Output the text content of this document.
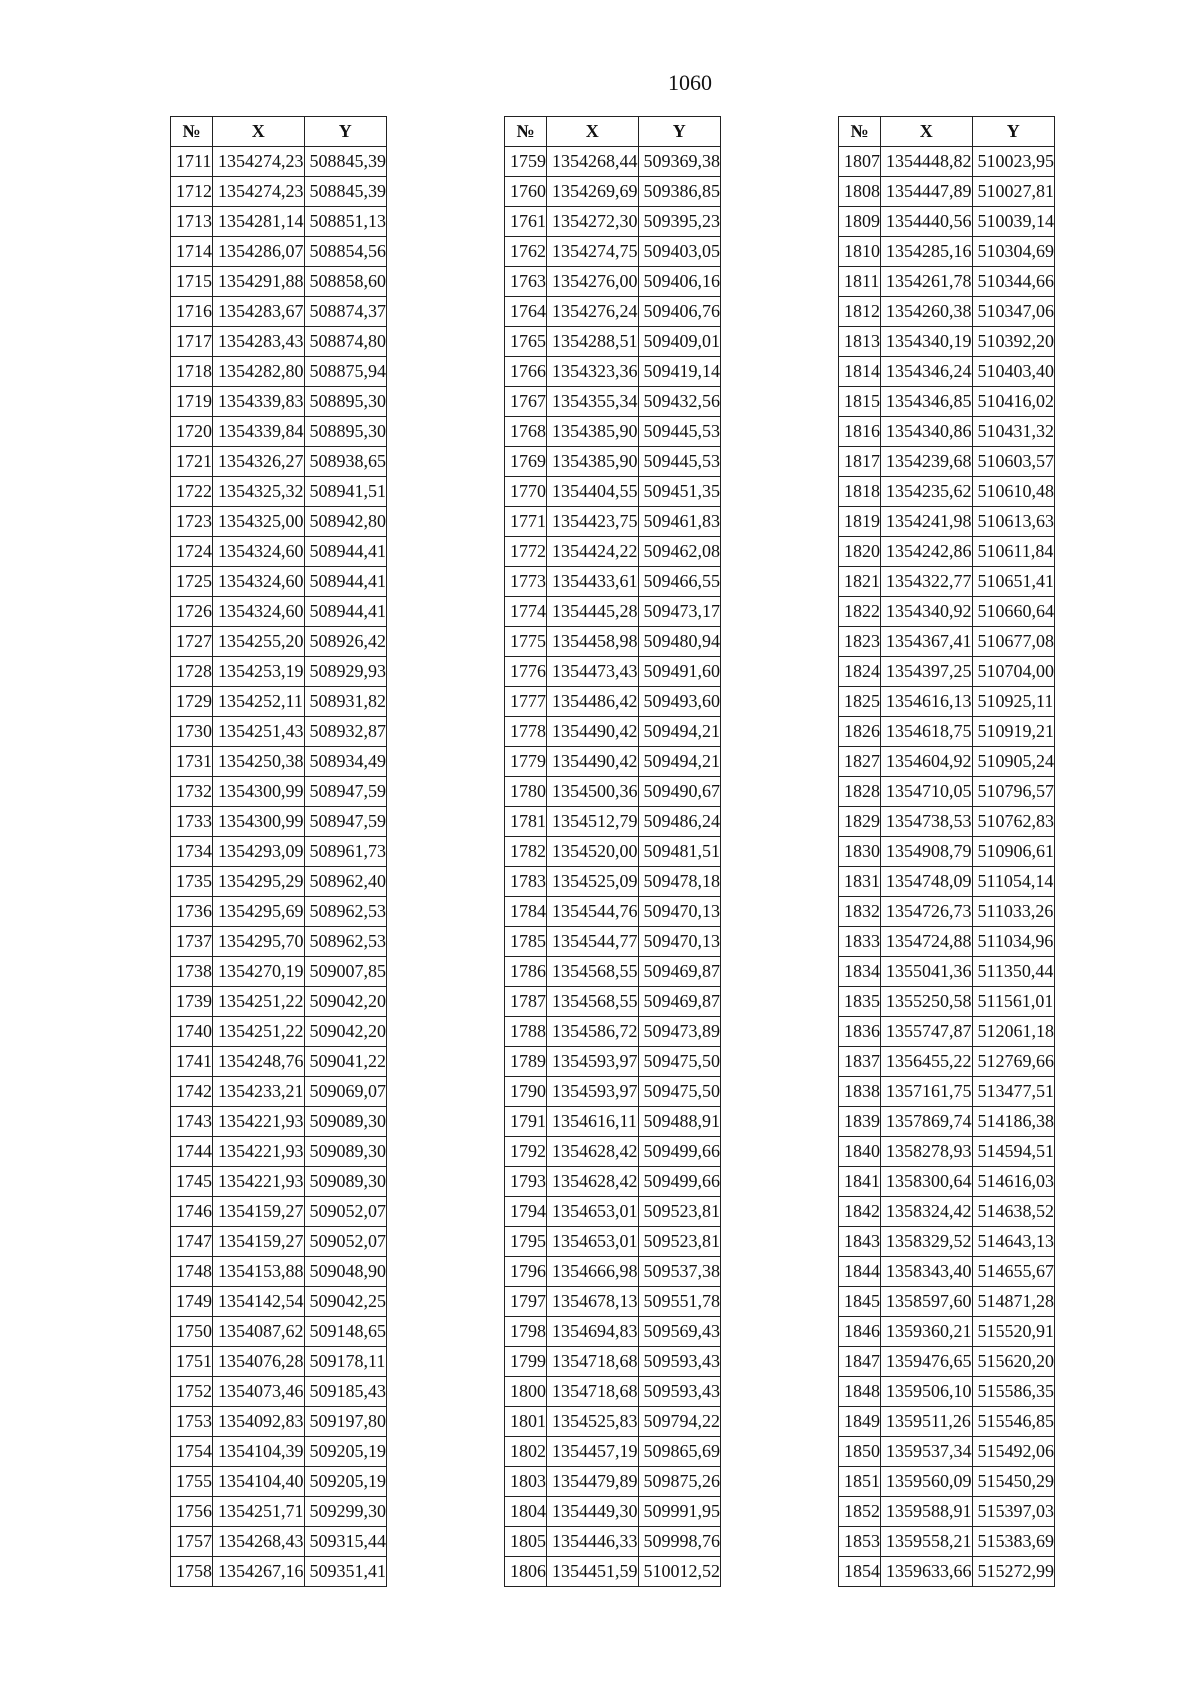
1060
№	X	Y
1711	1354274,23	508845,39
1712	1354274,23	508845,39
1713	1354281,14	508851,13
1714	1354286,07	508854,56
1715	1354291,88	508858,60
1716	1354283,67	508874,37
1717	1354283,43	508874,80
1718	1354282,80	508875,94
1719	1354339,83	508895,30
1720	1354339,84	508895,30
1721	1354326,27	508938,65
1722	1354325,32	508941,51
1723	1354325,00	508942,80
1724	1354324,60	508944,41
1725	1354324,60	508944,41
1726	1354324,60	508944,41
1727	1354255,20	508926,42
1728	1354253,19	508929,93
1729	1354252,11	508931,82
1730	1354251,43	508932,87
1731	1354250,38	508934,49
1732	1354300,99	508947,59
1733	1354300,99	508947,59
1734	1354293,09	508961,73
1735	1354295,29	508962,40
1736	1354295,69	508962,53
1737	1354295,70	508962,53
1738	1354270,19	509007,85
1739	1354251,22	509042,20
1740	1354251,22	509042,20
1741	1354248,76	509041,22
1742	1354233,21	509069,07
1743	1354221,93	509089,30
1744	1354221,93	509089,30
1745	1354221,93	509089,30
1746	1354159,27	509052,07
1747	1354159,27	509052,07
1748	1354153,88	509048,90
1749	1354142,54	509042,25
1750	1354087,62	509148,65
1751	1354076,28	509178,11
1752	1354073,46	509185,43
1753	1354092,83	509197,80
1754	1354104,39	509205,19
1755	1354104,40	509205,19
1756	1354251,71	509299,30
1757	1354268,43	509315,44
1758	1354267,16	509351,41
№	X	Y
1759	1354268,44	509369,38
1760	1354269,69	509386,85
1761	1354272,30	509395,23
1762	1354274,75	509403,05
1763	1354276,00	509406,16
1764	1354276,24	509406,76
1765	1354288,51	509409,01
1766	1354323,36	509419,14
1767	1354355,34	509432,56
1768	1354385,90	509445,53
1769	1354385,90	509445,53
1770	1354404,55	509451,35
1771	1354423,75	509461,83
1772	1354424,22	509462,08
1773	1354433,61	509466,55
1774	1354445,28	509473,17
1775	1354458,98	509480,94
1776	1354473,43	509491,60
1777	1354486,42	509493,60
1778	1354490,42	509494,21
1779	1354490,42	509494,21
1780	1354500,36	509490,67
1781	1354512,79	509486,24
1782	1354520,00	509481,51
1783	1354525,09	509478,18
1784	1354544,76	509470,13
1785	1354544,77	509470,13
1786	1354568,55	509469,87
1787	1354568,55	509469,87
1788	1354586,72	509473,89
1789	1354593,97	509475,50
1790	1354593,97	509475,50
1791	1354616,11	509488,91
1792	1354628,42	509499,66
1793	1354628,42	509499,66
1794	1354653,01	509523,81
1795	1354653,01	509523,81
1796	1354666,98	509537,38
1797	1354678,13	509551,78
1798	1354694,83	509569,43
1799	1354718,68	509593,43
1800	1354718,68	509593,43
1801	1354525,83	509794,22
1802	1354457,19	509865,69
1803	1354479,89	509875,26
1804	1354449,30	509991,95
1805	1354446,33	509998,76
1806	1354451,59	510012,52
№	X	Y
1807	1354448,82	510023,95
1808	1354447,89	510027,81
1809	1354440,56	510039,14
1810	1354285,16	510304,69
1811	1354261,78	510344,66
1812	1354260,38	510347,06
1813	1354340,19	510392,20
1814	1354346,24	510403,40
1815	1354346,85	510416,02
1816	1354340,86	510431,32
1817	1354239,68	510603,57
1818	1354235,62	510610,48
1819	1354241,98	510613,63
1820	1354242,86	510611,84
1821	1354322,77	510651,41
1822	1354340,92	510660,64
1823	1354367,41	510677,08
1824	1354397,25	510704,00
1825	1354616,13	510925,11
1826	1354618,75	510919,21
1827	1354604,92	510905,24
1828	1354710,05	510796,57
1829	1354738,53	510762,83
1830	1354908,79	510906,61
1831	1354748,09	511054,14
1832	1354726,73	511033,26
1833	1354724,88	511034,96
1834	1355041,36	511350,44
1835	1355250,58	511561,01
1836	1355747,87	512061,18
1837	1356455,22	512769,66
1838	1357161,75	513477,51
1839	1357869,74	514186,38
1840	1358278,93	514594,51
1841	1358300,64	514616,03
1842	1358324,42	514638,52
1843	1358329,52	514643,13
1844	1358343,40	514655,67
1845	1358597,60	514871,28
1846	1359360,21	515520,91
1847	1359476,65	515620,20
1848	1359506,10	515586,35
1849	1359511,26	515546,85
1850	1359537,34	515492,06
1851	1359560,09	515450,29
1852	1359588,91	515397,03
1853	1359558,21	515383,69
1854	1359633,66	515272,99
